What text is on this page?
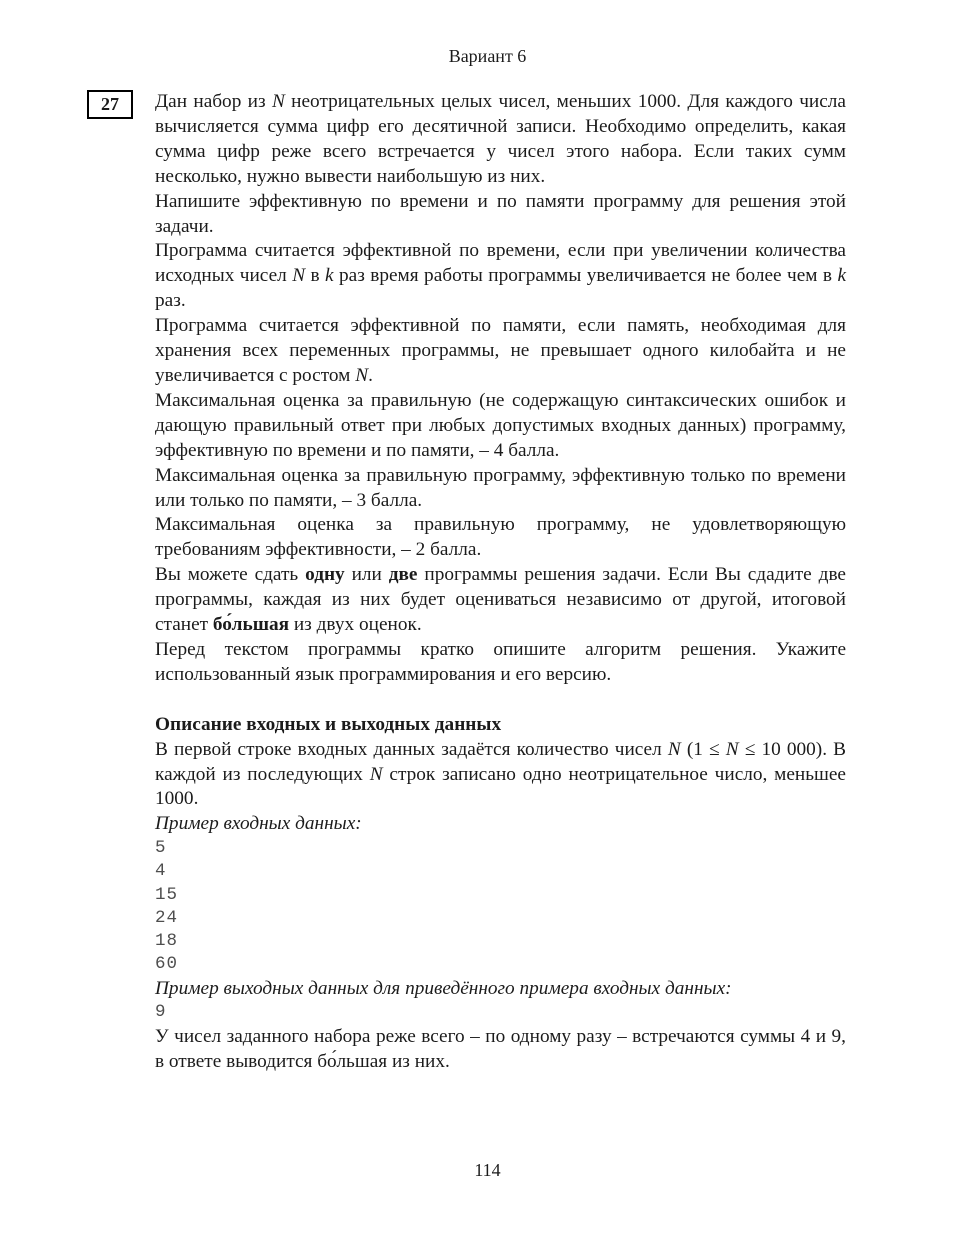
Вариант 6
27 Дан набор из N неотрицательных целых чисел, меньших 1000. Для каждого числа вычисляется сумма цифр его десятичной записи. Необходимо определить, какая сумма цифр реже всего встречается у чисел этого набора. Если таких сумм несколько, нужно вывести наибольшую из них.

Напишите эффективную по времени и по памяти программу для решения этой задачи.

Программа считается эффективной по времени, если при увеличении количества исходных чисел N в k раз время работы программы увеличивается не более чем в k раз.

Программа считается эффективной по памяти, если память, необходимая для хранения всех переменных программы, не превышает одного килобайта и не увеличивается с ростом N.

Максимальная оценка за правильную (не содержащую синтаксических ошибок и дающую правильный ответ при любых допустимых входных данных) программу, эффективную по времени и по памяти, – 4 балла.

Максимальная оценка за правильную программу, эффективную только по времени или только по памяти, – 3 балла.

Максимальная оценка за правильную программу, не удовлетворяющую требованиям эффективности, – 2 балла.

Вы можете сдать одну или две программы решения задачи. Если Вы сдадите две программы, каждая из них будет оцениваться независимо от другой, итоговой станет бо́льшая из двух оценок.

Перед текстом программы кратко опишите алгоритм решения. Укажите использованный язык программирования и его версию.

Описание входных и выходных данных

В первой строке входных данных задаётся количество чисел N (1 ≤ N ≤ 10 000). В каждой из последующих N строк записано одно неотрицательное число, меньшее 1000.

Пример входных данных:

5
4
15
24
18
60

Пример выходных данных для приведённого примера входных данных:

9

У чисел заданного набора реже всего – по одному разу – встречаются суммы 4 и 9, в ответе выводится бо́льшая из них.

114
